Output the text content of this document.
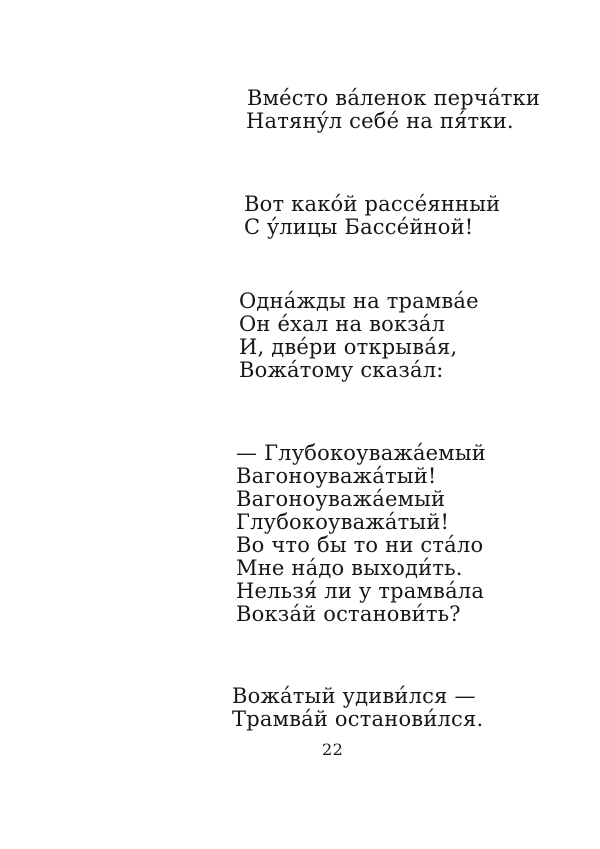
Вмéсто вáленок перчáтки
Натянýл себé на пя́тки.
Вот какóй рассéянный
С ýлицы Бассéйной!
Однáжды на трамвáе
Он éхал на вокзáл
И, двéри открывáя,
Вожáтому сказáл:
— Глубокоуважáемый
Вагоноуважáтый!
Вагоноуважáемый
Глубокоуважáтый!
Во что бы то ни стáло
Мне нáдо выходи́ть.
Нельзя́ ли у трамвáла
Вокзáй останови́ть?
Вожáтый удиви́лся —
Трамвáй останови́лся.
22
